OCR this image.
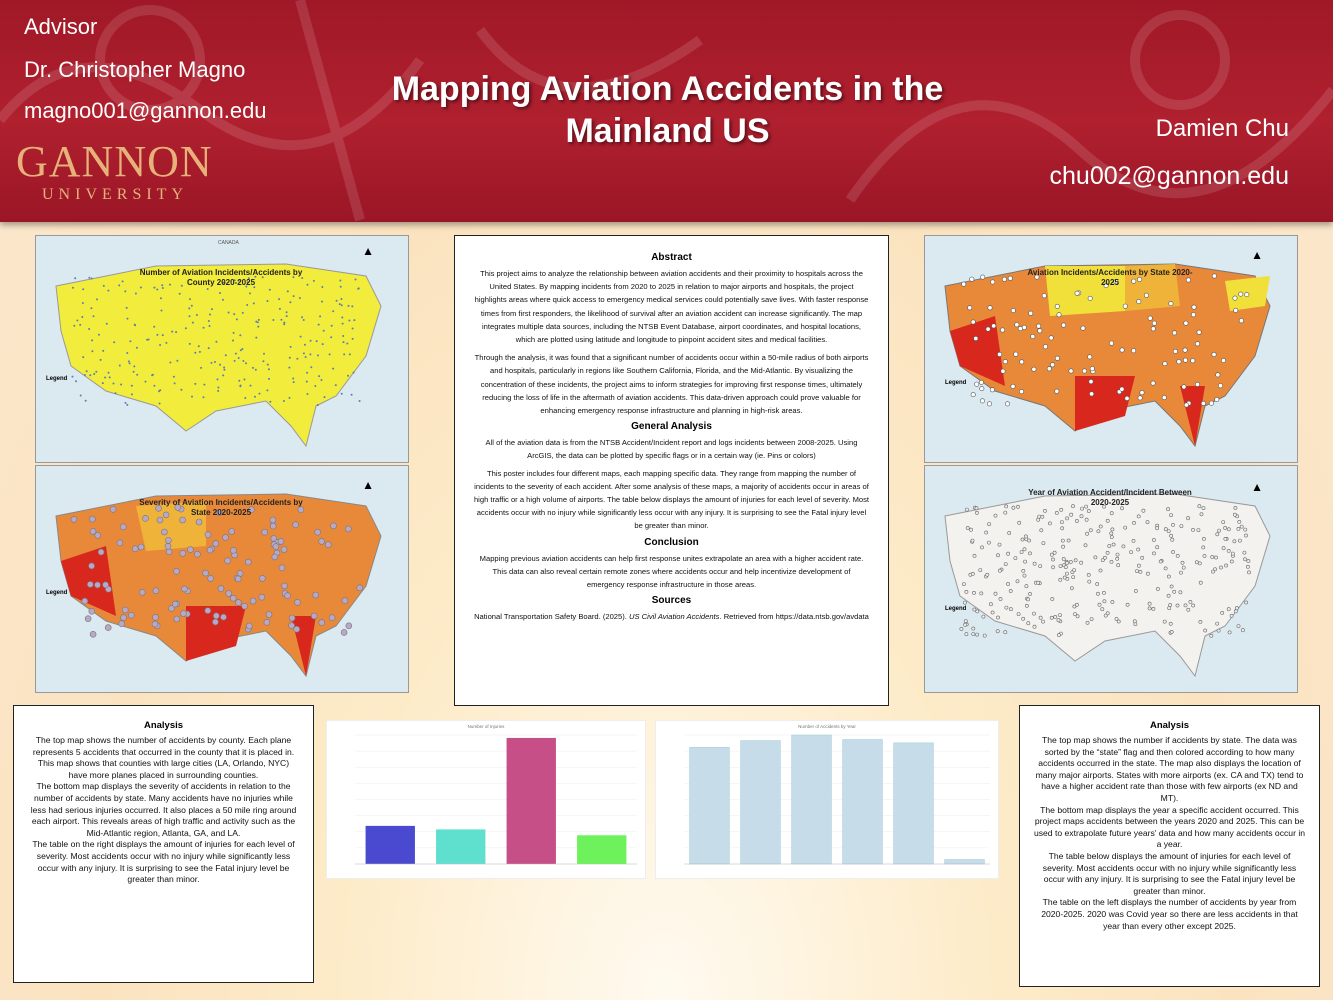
Advisor
Dr. Christopher Magno
magno001@gannon.edu
GANNON
UNIVERSITY
Mapping Aviation Accidents in the
Mainland US	Damien Chu
chu002@gannon.edu
Number of Aviation Incidents/Accidents by County 2020-2025
CANADA
Legend
▲
Severity of Aviation Incidents/Accidents by State 2020-2025
Legend
▲
Aviation Incidents/Accidents by State 2020-2025
Legend
▲
Year of Aviation Accident/Incident Between 2020-2025
Legend
▲
Abstract

This project aims to analyze the relationship between aviation accidents and their proximity to hospitals across the United States. By mapping incidents from 2020 to 2025 in relation to major airports and hospitals, the project highlights areas where quick access to emergency medical services could potentially save lives. With faster response times from first responders, the likelihood of survival after an aviation accident can increase significantly. The map integrates multiple data sources, including the NTSB Event Database, airport coordinates, and hospital locations, which are plotted using latitude and longitude to pinpoint accident sites and medical facilities.

Through the analysis, it was found that a significant number of accidents occur within a 50-mile radius of both airports and hospitals, particularly in regions like Southern California, Florida, and the Mid-Atlantic. By visualizing the concentration of these incidents, the project aims to inform strategies for improving first response times, ultimately reducing the loss of life in the aftermath of aviation accidents. This data-driven approach could prove valuable for enhancing emergency response infrastructure and planning in high-risk areas.

General Analysis

All of the aviation data is from the NTSB Accident/Incident report and logs incidents between 2008-2025. Using ArcGIS, the data can be plotted by specific flags or in a certain way (ie. Pins or colors)

This poster includes four different maps, each mapping specific data. They range from mapping the number of incidents to the severity of each accident. After some analysis of these maps, a majority of accidents occur in areas of high traffic or a high volume of airports. The table below displays the amount of injuries for each level of severity. Most accidents occur with no injury while significantly less occur with any injury. It is surprising to see the Fatal injury level be greater than minor.

Conclusion

Mapping previous aviation accidents can help first response unites extrapolate an area with a higher accident rate. This data can also reveal certain remote zones where accidents occur and help incentivize development of emergency response infrastructure in those areas.

Sources

National Transportation Safety Board. (2025). US Civil Aviation Accidents. Retrieved from https://data.ntsb.gov/avdata

Analysis

The top map shows the number of accidents by county. Each plane represents 5 accidents that occurred in the county that it is placed in. This map shows that counties with large cities (LA, Orlando, NYC) have more planes placed in surrounding counties.

The bottom map displays the severity of accidents in relation to the number of accidents by state. Many accidents have no injuries while less had serious injuries occurred. It also places a 50 mile ring around each airport. This reveals areas of high traffic and activity such as the Mid-Atlantic region, Atlanta, GA, and LA.

The table on the right displays the amount of injuries for each level of severity. Most accidents occur with no injury while significantly less occur with any injury. It is surprising to see the Fatal injury level be greater than minor.

Analysis

The top map shows the number if accidents by state. The data was sorted by the “state” flag and then colored according to how many accidents occurred in the state. The map also displays the location of many major airports. States with more airports (ex. CA and TX) tend to have a higher accident rate than those with few airports (ex ND and MT).

The bottom map displays the year a specific accident occurred. This project maps accidents between the years 2020 and 2025. This can be used to extrapolate future years' data and how many accidents occur in a year.

The table below displays the amount of injuries for each level of severity. Most accidents occur with no injury while significantly less occur with any injury. It is surprising to see the Fatal injury level be greater than minor.

The table on the left displays the number of accidents by year from 2020-2025. 2020 was Covid year so there are less accidents in that year than every other except 2025.

Number of Injuries	Number of Accidents by Year
